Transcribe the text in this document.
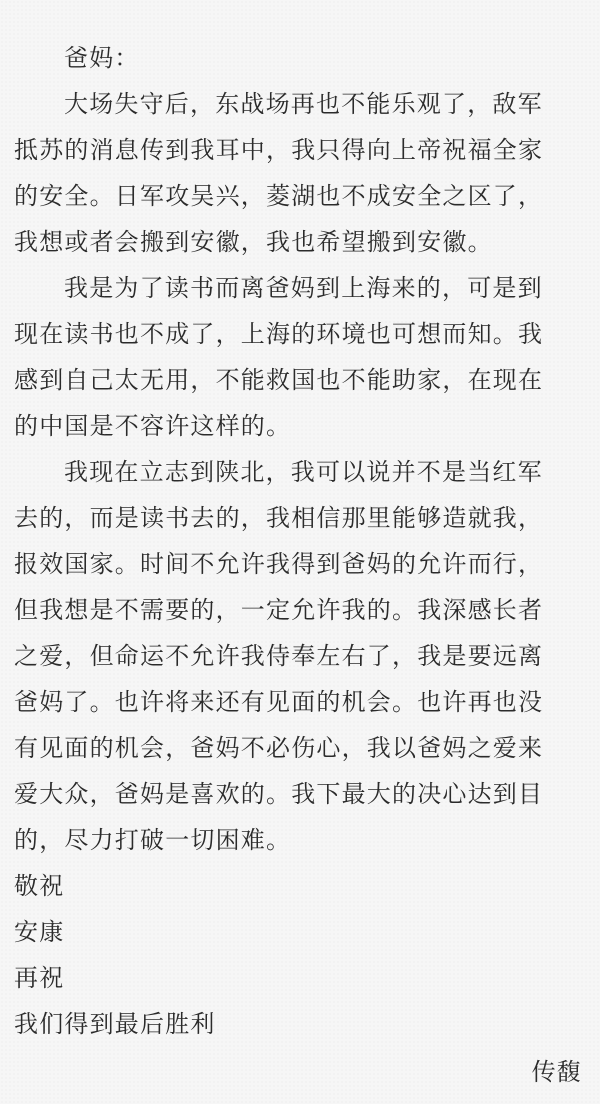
爸妈：
大场失守后，东战场再也不能乐观了，敌军
抵苏的消息传到我耳中，我只得向上帝祝福全家
的安全。日军攻吴兴，菱湖也不成安全之区了，
我想或者会搬到安徽，我也希望搬到安徽。
我是为了读书而离爸妈到上海来的，可是到
现在读书也不成了，上海的环境也可想而知。我
感到自己太无用，不能救国也不能助家，在现在
的中国是不容许这样的。
我现在立志到陕北，我可以说并不是当红军
去的，而是读书去的，我相信那里能够造就我，
报效国家。时间不允许我得到爸妈的允许而行，
但我想是不需要的，一定允许我的。我深感长者
之爱，但命运不允许我侍奉左右了，我是要远离
爸妈了。也许将来还有见面的机会。也许再也没
有见面的机会，爸妈不必伤心，我以爸妈之爱来
爱大众，爸妈是喜欢的。我下最大的决心达到目
的，尽力打破一切困难。
敬祝
安康
再祝
我们得到最后胜利
传馥
